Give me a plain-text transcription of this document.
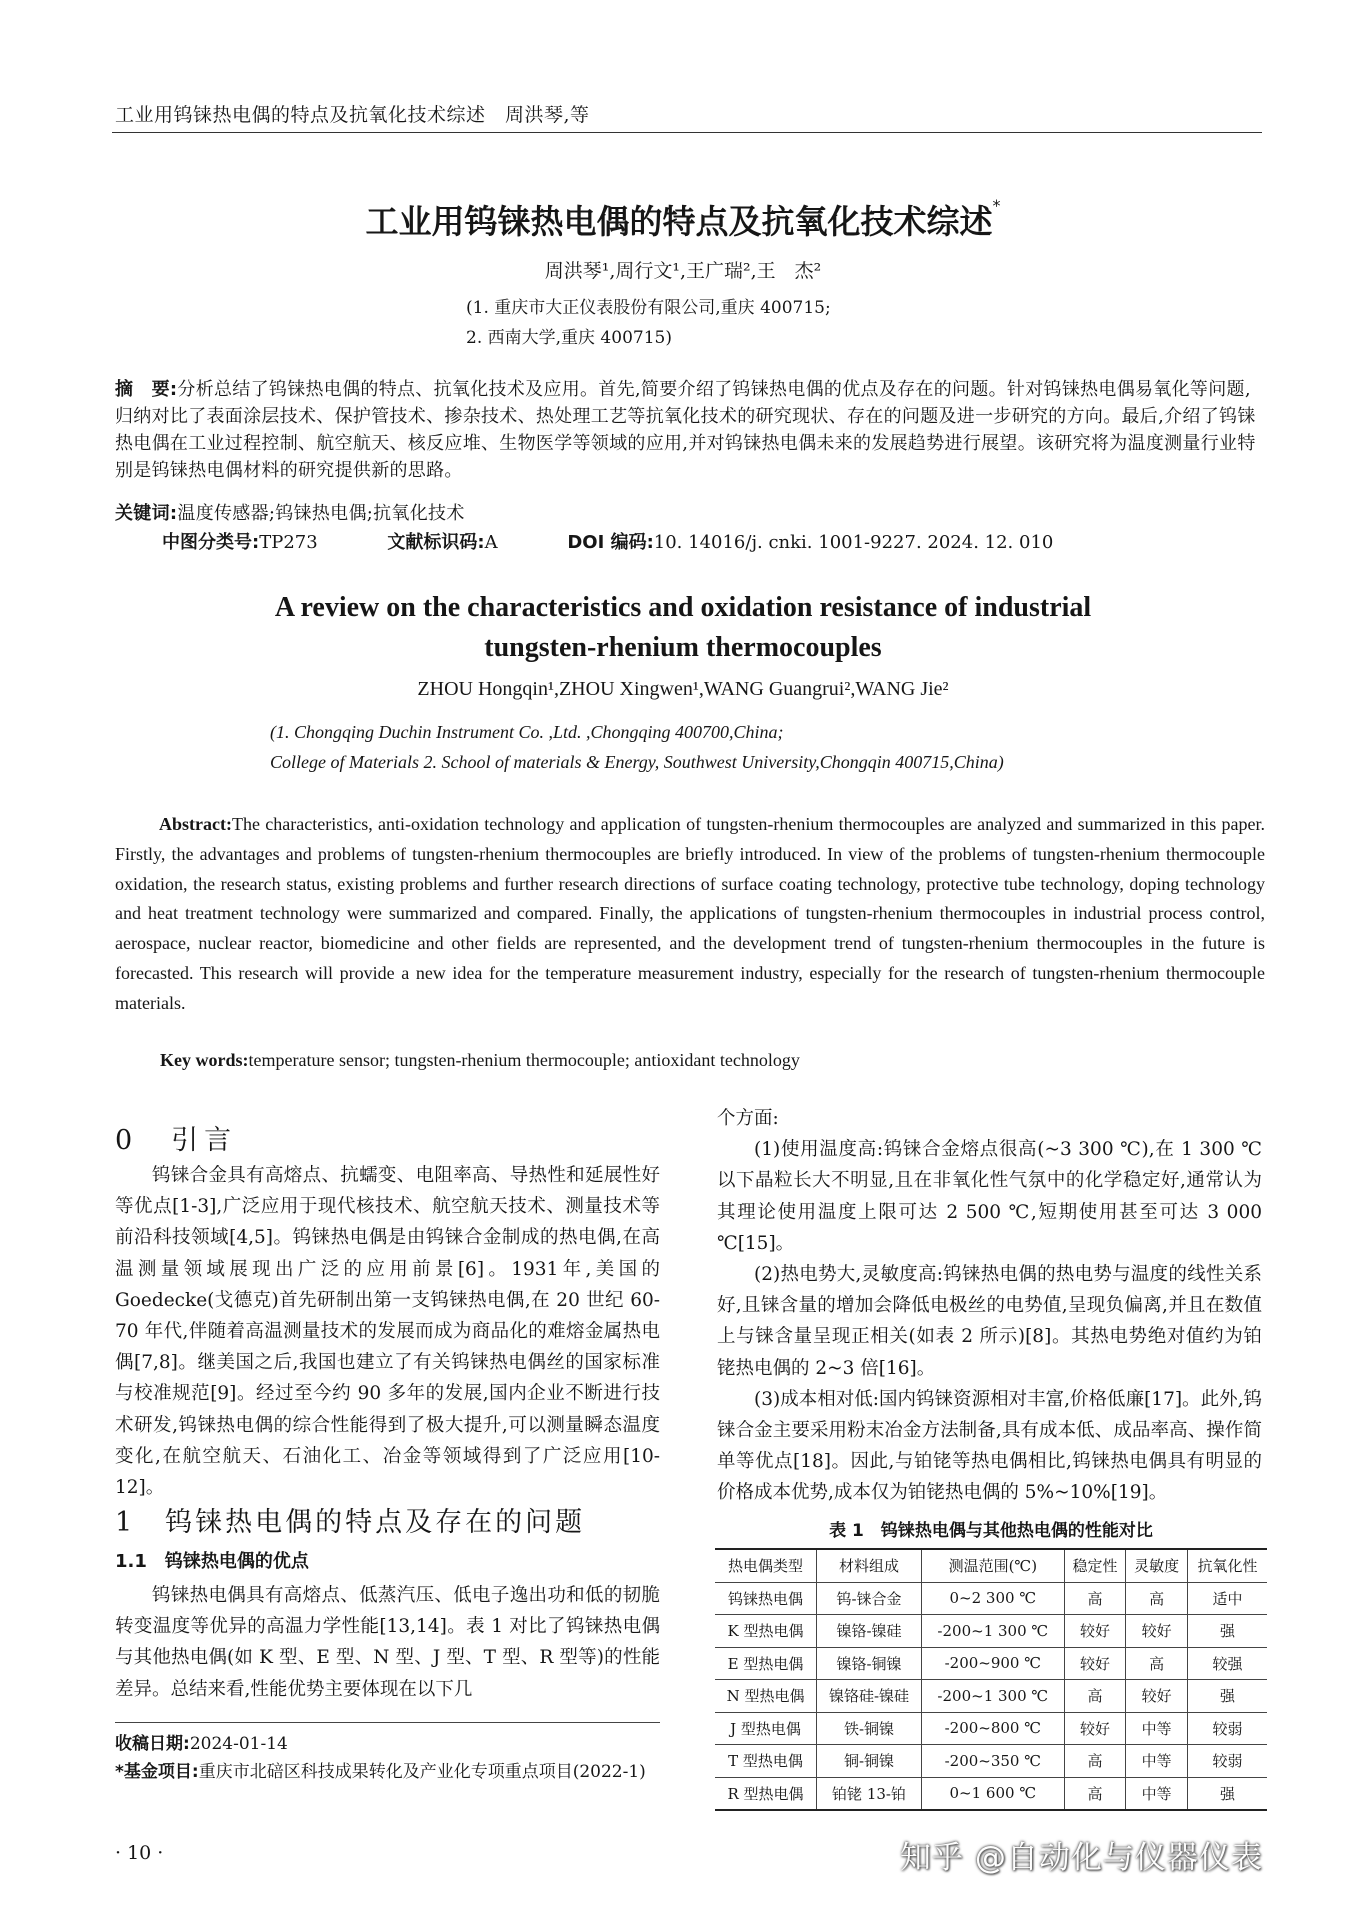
工业用钨铼热电偶的特点及抗氧化技术综述　周洪琴,等
工业用钨铼热电偶的特点及抗氧化技术综述*
周洪琴¹,周行文¹,王广瑞²,王　杰²
(1. 重庆市大正仪表股份有限公司,重庆 400715;
2. 西南大学,重庆 400715)
摘　要:分析总结了钨铼热电偶的特点、抗氧化技术及应用。首先,简要介绍了钨铼热电偶的优点及存在的问题。针对钨铼热电偶易氧化等问题,归纳对比了表面涂层技术、保护管技术、掺杂技术、热处理工艺等抗氧化技术的研究现状、存在的问题及进一步研究的方向。最后,介绍了钨铼热电偶在工业过程控制、航空航天、核反应堆、生物医学等领域的应用,并对钨铼热电偶未来的发展趋势进行展望。该研究将为温度测量行业特别是钨铼热电偶材料的研究提供新的思路。
关键词:温度传感器;钨铼热电偶;抗氧化技术
中图分类号:TP273	文献标识码:A	DOI 编码:10. 14016/j. cnki. 1001-9227. 2024. 12. 010
A review on the characteristics and oxidation resistance of industrial
tungsten-rhenium thermocouples
ZHOU Hongqin¹,ZHOU Xingwen¹,WANG Guangrui²,WANG Jie²
(1. Chongqing Duchin Instrument Co. ,Ltd. ,Chongqing 400700,China;
College of Materials 2. School of materials & Energy, Southwest University,Chongqin 400715,China)
Abstract:The characteristics, anti-oxidation technology and application of tungsten-rhenium thermocouples are analyzed and summarized in this paper. Firstly, the advantages and problems of tungsten-rhenium thermocouples are briefly introduced. In view of the problems of tungsten-rhenium thermocouple oxidation, the research status, existing problems and further research directions of surface coating technology, protective tube technology, doping technology and heat treatment technology were summarized and compared. Finally, the applications of tungsten-rhenium thermocouples in industrial process control, aerospace, nuclear reactor, biomedicine and other fields are represented, and the development trend of tungsten-rhenium thermocouples in the future is forecasted. This research will provide a new idea for the temperature measurement industry, especially for the research of tungsten-rhenium thermocouple materials.
Key words:temperature sensor; tungsten-rhenium thermocouple; antioxidant technology
0　引言

钨铼合金具有高熔点、抗蠕变、电阻率高、导热性和延展性好等优点[1-3],广泛应用于现代核技术、航空航天技术、测量技术等前沿科技领域[4,5]。钨铼热电偶是由钨铼合金制成的热电偶,在高温测量领域展现出广泛的应用前景[6]。1931年,美国的 Goedecke(戈德克)首先研制出第一支钨铼热电偶,在 20 世纪 60-70 年代,伴随着高温测量技术的发展而成为商品化的难熔金属热电偶[7,8]。继美国之后,我国也建立了有关钨铼热电偶丝的国家标准与校准规范[9]。经过至今约 90 多年的发展,国内企业不断进行技术研发,钨铼热电偶的综合性能得到了极大提升,可以测量瞬态温度变化,在航空航天、石油化工、冶金等领域得到了广泛应用[10-12]。

1　钨铼热电偶的特点及存在的问题
1.1　钨铼热电偶的优点

钨铼热电偶具有高熔点、低蒸汽压、低电子逸出功和低的韧脆转变温度等优异的高温力学性能[13,14]。表 1 对比了钨铼热电偶与其他热电偶(如 K 型、E 型、N 型、J 型、T 型、R 型等)的性能差异。总结来看,性能优势主要体现在以下几

个方面:

(1)使用温度高:钨铼合金熔点很高(~3 300 ℃),在 1 300 ℃以下晶粒长大不明显,且在非氧化性气氛中的化学稳定好,通常认为其理论使用温度上限可达 2 500 ℃,短期使用甚至可达 3 000 ℃[15]。

(2)热电势大,灵敏度高:钨铼热电偶的热电势与温度的线性关系好,且铼含量的增加会降低电极丝的电势值,呈现负偏离,并且在数值上与铼含量呈现正相关(如表 2 所示)[8]。其热电势绝对值约为铂铑热电偶的 2~3 倍[16]。

(3)成本相对低:国内钨铼资源相对丰富,价格低廉[17]。此外,钨铼合金主要采用粉末冶金方法制备,具有成本低、成品率高、操作简单等优点[18]。因此,与铂铑等热电偶相比,钨铼热电偶具有明显的价格成本优势,成本仅为铂铑热电偶的 5%~10%[19]。

表 1　钨铼热电偶与其他热电偶的性能对比
热电偶类型	材料组成	测温范围(℃)	稳定性	灵敏度	抗氧化性
钨铼热电偶	钨-铼合金	0~2 300 ℃	高	高	适中
K 型热电偶	镍铬-镍硅	-200~1 300 ℃	较好	较好	强
E 型热电偶	镍铬-铜镍	-200~900 ℃	较好	高	较强
N 型热电偶	镍铬硅-镍硅	-200~1 300 ℃	高	较好	强
J 型热电偶	铁-铜镍	-200~800 ℃	较好	中等	较弱
T 型热电偶	铜-铜镍	-200~350 ℃	高	中等	较弱
R 型热电偶	铂铑 13-铂	0~1 600 ℃	高	中等	强
收稿日期:2024-01-14
*基金项目:重庆市北碚区科技成果转化及产业化专项重点项目(2022-1)
· 10 ·	知乎 @自动化与仪器仪表
